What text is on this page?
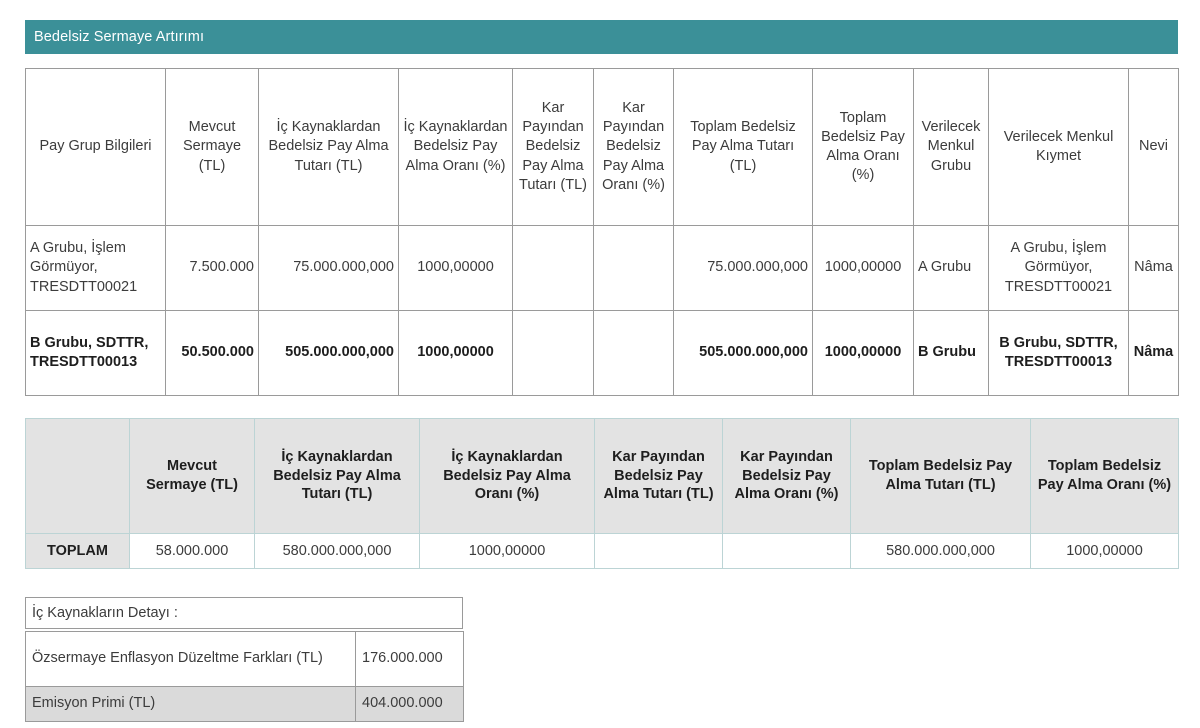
Bedelsiz Sermaye Artırımı
Pay Grup Bilgileri	Mevcut Sermaye (TL)	İç Kaynaklardan Bedelsiz Pay Alma Tutarı (TL)	İç Kaynaklardan Bedelsiz Pay Alma Oranı (%)	Kar Payından Bedelsiz Pay Alma Tutarı (TL)	Kar Payından Bedelsiz Pay Alma Oranı (%)	Toplam Bedelsiz Pay Alma Tutarı (TL)	Toplam Bedelsiz Pay Alma Oranı (%)	Verilecek Menkul Grubu	Verilecek Menkul Kıymet	Nevi
A Grubu, İşlem Görmüyor, TRESDTT00021	7.500.000	75.000.000,000	1000,00000			75.000.000,000	1000,00000	A Grubu	A Grubu, İşlem Görmüyor, TRESDTT00021	Nâma
B Grubu, SDTTR, TRESDTT00013	50.500.000	505.000.000,000	1000,00000			505.000.000,000	1000,00000	B Grubu	B Grubu, SDTTR, TRESDTT00013	Nâma
	Mevcut Sermaye (TL)	İç Kaynaklardan Bedelsiz Pay Alma Tutarı (TL)	İç Kaynaklardan Bedelsiz Pay Alma Oranı (%)	Kar Payından Bedelsiz Pay Alma Tutarı (TL)	Kar Payından Bedelsiz Pay Alma Oranı (%)	Toplam Bedelsiz Pay Alma Tutarı (TL)	Toplam Bedelsiz Pay Alma Oranı (%)
TOPLAM	58.000.000	580.000.000,000	1000,00000			580.000.000,000	1000,00000
İç Kaynakların Detayı :
Özsermaye Enflasyon Düzeltme Farkları (TL)	176.000.000
Emisyon Primi (TL)	404.000.000
